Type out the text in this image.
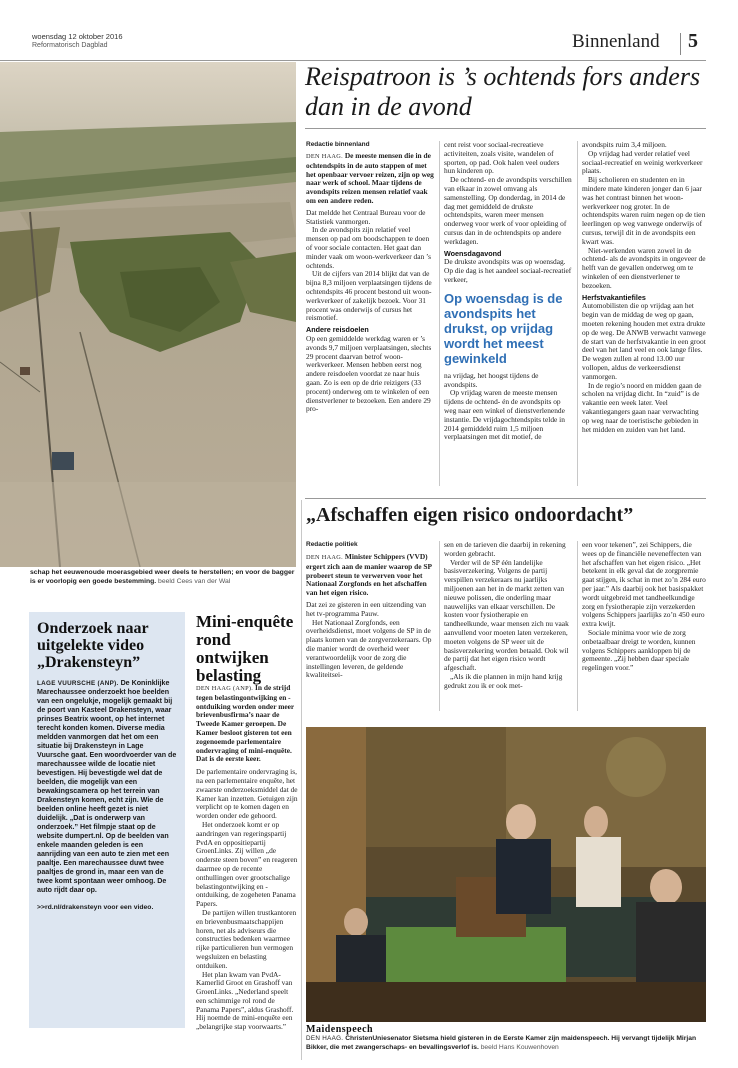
woensdag 12 oktober 2016
Reformatorisch Dagblad	Binnenland 5
schap het eeuwenoude moerasgebied weer deels te herstellen; en voor de bagger is er voorlopig een goede bestemming. beeld Cees van der Wal
Reispatroon is ’s ochtends fors anders dan in de avond
Redactie binnenland

DEN HAAG. De meeste mensen die in de ochtendspits in de auto stappen of met het openbaar vervoer reizen, zijn op weg naar werk of school. Maar tijdens de avondspits reizen mensen relatief vaak om een andere reden.

Dat meldde het Centraal Bureau voor de Statistiek vanmorgen.

In de avondspits zijn relatief veel mensen op pad om boodschappen te doen of voor sociale contacten. Het gaat dan minder vaak om woon-werkverkeer dan ’s ochtends.

Uit de cijfers van 2014 blijkt dat van de bijna 8,3 miljoen verplaatsingen tijdens de ochtendspits 46 procent bestond uit woon-werkverkeer of zakelijk bezoek. Voor 31 procent was onderwijs of cursus het reismotief.

Andere reisdoelen

Op een gemiddelde werkdag waren er ’s avonds 9,7 miljoen verplaatsingen, slechts 29 procent daarvan betrof woon-werkverkeer. Mensen hebben eerst nog andere reisdoelen voordat ze naar huis gaan. Zo is een op de drie reizigers (33 procent) onderweg om te winkelen of een dienstverlener te bezoeken. Een andere 29 pro-

cent reist voor sociaal-recreatieve activiteiten, zoals visite, wandelen of sporten, op pad. Ook halen veel ouders hun kinderen op.

De ochtend- en de avondspits verschillen van elkaar in zowel omvang als samenstelling. Op donderdag, in 2014 de dag met gemiddeld de drukste ochtendspits, waren meer mensen onderweg voor werk of voor opleiding of cursus dan in de ochtendspits op andere werkdagen.

Woensdagavond

De drukste avondspits was op woensdag. Op die dag is het aandeel sociaal-recreatief verkeer,

Op woensdag is de avondspits het drukst, op vrijdag wordt het meest gewinkeld

na vrijdag, het hoogst tijdens de avondspits.

Op vrijdag waren de meeste mensen tijdens de ochtend- én de avondspits op weg naar een winkel of dienstverlenende instantie. De vrijdagochtendspits telde in 2014 gemiddeld ruim 1,5 miljoen verplaatsingen met dit motief, de

avondspits ruim 3,4 miljoen.

Op vrijdag had verder relatief veel sociaal-recreatief en weinig werkverkeer plaats.

Bij scholieren en studenten en in mindere mate kinderen jonger dan 6 jaar was het contrast binnen het woon-werkverkeer nog groter. In de ochtendspits waren ruim negen op de tien leerlingen op weg vanwege onderwijs of cursus, terwijl dit in de avondspits een kwart was.

Niet-werkenden waren zowel in de ochtend- als de avondspits in ongeveer de helft van de gevallen onderweg om te winkelen of een dienstverlener te bezoeken.

Herfstvakantiefiles

Automobilisten die op vrijdag aan het begin van de middag de weg op gaan, moeten rekening houden met extra drukte op de weg. De ANWB verwacht vanwege de start van de herfstvakantie in een groot deel van het land veel en ook lange files. De wegen zullen al rond 13.00 uur vollopen, aldus de verkeersdienst vanmorgen.

In de regio’s noord en midden gaan de scholen na vrijdag dicht. In “zuid” is de vakantie een week later. Veel vakantiegangers gaan naar verwachting op weg naar de toeristische gebieden in het midden en zuiden van het land.

Onderzoek naar uitgelekte video „Drakensteyn”
LAGE VUURSCHE (ANP). De Koninklijke Marechaussee onderzoekt hoe beelden van een ongelukje, mogelijk gemaakt bij de poort van Kasteel Drakensteyn, waar prinses Beatrix woont, op het internet terecht konden komen. Diverse media meldden vanmorgen dat het om een situatie bij Drakensteyn in Lage Vuursche gaat. Een woordvoerder van de marechaussee wilde de locatie niet bevestigen. Hij bevestigde wel dat de beelden, die mogelijk van een bewakingscamera op het terrein van Drakensteyn komen, echt zijn. Wie de beelden online heeft gezet is niet duidelijk. „Dat is onderwerp van onderzoek.” Het filmpje staat op de website dumpert.nl. Op de beelden van enkele maanden geleden is een aanrijding van een auto te zien met een paaltje. Een marechaussee duwt twee paaltjes de grond in, maar een van de twee komt spontaan weer omhoog. De auto rijdt daar op.
>>rd.nl/drakensteyn voor een video.
Mini-enquête rond ontwijken belasting

DEN HAAG (ANP). In de strijd tegen belastingontwijking en -ontduiking worden onder meer brievenbusfirma’s naar de Tweede Kamer geroepen. De Kamer besloot gisteren tot een zogenoemde parlementaire ondervraging of mini-enquête. Dat is de eerste keer.

De parlementaire ondervraging is, na een parlementaire enquête, het zwaarste onderzoeksmiddel dat de Kamer kan inzetten. Getuigen zijn verplicht op te komen dagen en worden onder ede gehoord.

Het onderzoek komt er op aandringen van regeringspartij PvdA en oppositiepartij GroenLinks. Zij willen „de onderste steen boven” en reageren daarmee op de recente onthullingen over grootschalige belastingontwijking en -ontduiking, de zogeheten Panama Papers.

De partijen willen trustkantoren en brievenbusmaatschappijen horen, net als adviseurs die constructies bedenken waarmee rijke particulieren hun vermogen wegsluizen en belasting ontduiken.

Het plan kwam van PvdA-Kamerlid Groot en Grashoff van GroenLinks. „Nederland speelt een schimmige rol rond de Panama Papers”, aldus Grashoff. Hij noemde de mini-enquête een „belangrijke stap voorwaarts.”

„Afschaffen eigen risico ondoordacht”
Redactie politiek

DEN HAAG. Minister Schippers (VVD) ergert zich aan de manier waarop de SP probeert steun te verwerven voor het Nationaal Zorgfonds en het afschaffen van het eigen risico.

Dat zei ze gisteren in een uitzending van het tv-programma Pauw.

Het Nationaal Zorgfonds, een overheidsdienst, moet volgens de SP in de plaats komen van de zorgverzekeraars. Op die manier wordt de overheid weer verantwoordelijk voor de zorg die instellingen leveren, de geldende kwaliteitsei-

sen en de tarieven die daarbij in rekening worden gebracht.

Verder wil de SP één landelijke basisverzekering. Volgens de partij verspillen verzekeraars nu jaarlijks miljoenen aan het in de markt zetten van nieuwe polissen, die onderling maar nauwelijks van elkaar verschillen. De kosten voor fysiotherapie en tandheelkunde, waar mensen zich nu vaak aanvullend voor moeten laten verzekeren, moeten volgens de SP weer uit de basisverzekering worden betaald. Ook wil de partij dat het eigen risico wordt afgeschaft.

„Als ik die plannen in mijn hand krijg gedrukt zou ik er ook met-

een voor tekenen”, zei Schippers, die wees op de financiële neveneffecten van het afschaffen van het eigen risico. „Het betekent in elk geval dat de zorgpremie gaat stijgen, ik schat in met zo’n 284 euro per jaar.” Als daarbij ook het basispakket wordt uitgebreid met tandheelkundige zorg en fysiotherapie zijn verzekerden volgens Schippers jaarlijks zo’n 450 euro extra kwijt.

Sociale minima voor wie de zorg onbetaalbaar dreigt te worden, kunnen volgens Schippers aankloppen bij de gemeente. „Zij hebben daar speciale regelingen voor.”

Maidenspeech
DEN HAAG. ChristenUniesenator Sietsma hield gisteren in de Eerste Kamer zijn maidenspeech. Hij vervangt tijdelijk Mirjan Bikker, die met zwangerschaps- en bevallingsverlof is. beeld Hans Kouwenhoven
